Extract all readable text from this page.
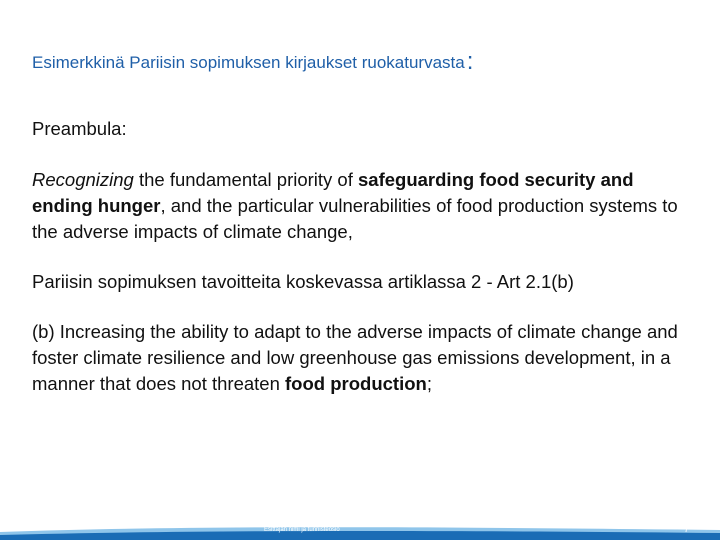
Esimerkkinä Pariisin sopimuksen kirjaukset ruokaturvasta:

Preambula:

Recognizing the fundamental priority of safeguarding food security and ending hunger, and the particular vulnerabilities of food production systems to the adverse impacts of climate change,

Pariisin sopimuksen tavoitteita koskevassa artiklassa 2 - Art 2.1(b)

(b) Increasing the ability to adapt to the adverse impacts of climate change and foster climate resilience and low greenhouse gas emissions development, in a manner that does not threaten food production;

Esittäjän nimi ja tunnisteosio	7
